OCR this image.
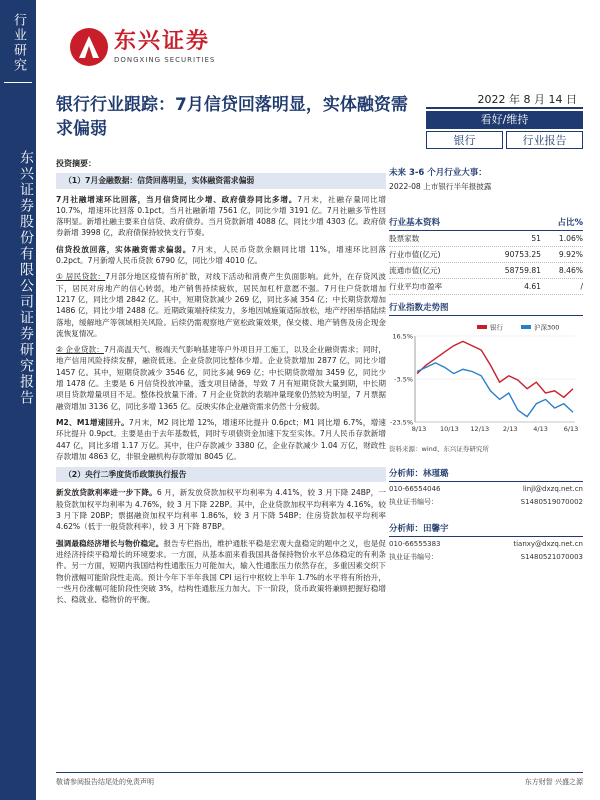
行业研究
东兴证券股份有限公司证券研究报告
东兴证券
DONGXING SECURITIES
银行行业跟踪：7月信贷回落明显，实体融资需求偏弱
2022 年 8 月 14 日
看好/维持
银行	行业报告
投资摘要：
（1）7月金融数据：信贷回落明显，实体融资需求偏弱

7月社融增速环比回落，当月信贷同比少增、政府债券同比多增。7月末，社融存量同比增 10.7%，增速环比回落 0.1pct。当月社融新增 7561 亿，同比少增 3191 亿。7月社融多节性回落明显。新增社融主要来自信贷、政府债券。当月贷款新增 4088 亿，同比少增 4303 亿。政府债券新增 3998 亿，政府债保持较快支行节奏。

信贷投放回落，实体融资需求偏弱。7月末，人民币贷款余额同比增 11%，增速环比回落 0.2pct。7月新增人民币贷款 6790 亿，同比少增 4010 亿。

① 居民贷款：7月部分地区疫情有所扩散，对线下活动和消费产生负面影响。此外，在存贷风波下，居民对房地产的信心转弱，地产销售持续疲软，居民加杠杆意愿不强。7月住户贷款增加 1217 亿，同比少增 2842 亿。其中，短期贷款减少 269 亿，同比多减 354 亿；中长期贷款增加 1486 亿，同比少增 2488 亿。近期政策端持续发力，多地因城施策适际放松，地产纾困举措陆续落地，缓解地产等领域相关风险。后续仍需观察地产宽松政策效果，保交楼、地产销售及房企现金流恢复情况。

② 企业贷款：7月高温天气、极端天气影响基建等户外项目开工施工，以及企业融资需求；同时，地产信用风险持续发酵，融资低迷。企业贷款同比整体少增。企业贷款增加 2877 亿，同比少增 1457 亿。其中，短期贷款减少 3546 亿，同比多减 969 亿；中长期贷款增加 3459 亿，同比少增 1478 亿。主要是 6 月信贷投放冲量，透支项目储备，导致 7 月有短期贷款大量到期，中长期项目贷款增量项目不足。整体投放量下滑。7 月企业贷款的表端冲量现象仍然较为明显，7 月票据融资增加 3136 亿，同比多增 1365 亿。反映实体企业融资需求仍然十分疲弱。

M2、M1增速回升。7月末，M2 同比增 12%，增速环比提升 0.6pct；M1 同比增 6.7%，增速环比提升 0.9pct。主要是由于去年基数低，同时专项债资金加速下发至实体。7月人民币存款新增 447 亿，同比多增 1.17 万亿。其中，住户存款减少 3380 亿，企业存款减少 1.04 万亿，财政性存款增加 4863 亿，非银金融机构存款增加 8045 亿。

（2）央行二季度货币政策执行报告

新发放贷款利率进一步下降。6 月，新发放贷款加权平均利率为 4.41%，较 3 月下降 24BP，一般贷款加权平均利率为 4.76%，较 3 月下降 22BP。其中，企业贷款加权平均利率为 4.16%，较 3 月下降 20BP；票据融资加权平均利率 1.86%，较 3 月下降 54BP；住房贷款加权平均利率 4.62%（低于一般贷款利率），较 3 月下降 87BP。

强调最稳经济增长与物价稳定。报告专栏指出，维护通胀平稳是宏观大盘稳定的题中之义，也是促进经济持续平稳增长的环境要求。一方面，从基本面来看我国具备保持物价水平总体稳定的有利条件。另一方面，短期内我国结构性通胀压力可能加大，输入性通胀压力依然存在，多重因素交织下物价涨幅可能阶段性走高。预计今年下半年我国 CPI 运行中枢较上半年 1.7%的水平将有所抬升，一些月份涨幅可能阶段性突破 3%，结构性通胀压力加大。下一阶段，货币政策将兼顾把握好稳增长、稳就业、稳物价的平衡。

未来 3-6 个月行业大事：
2022-08 上市银行半年报披露
行业基本资料	占比%
股票家数	51	1.06%
行业市值(亿元)	90753.25	9.92%
流通市值(亿元)	58759.81	8.46%
行业平均市盈率	4.61	/
行业指数走势图
16.5%
-3.5%
-23.5%
8/13 10/13 12/13 2/13 4/13 6/13
银行	沪深300
资料来源：wind、东兴证券研究所
分析师：林瑾璐
010-66554046	linjl@dxzq.net.cn
执业证书编号：	S1480519070002
分析师：田馨宇
010-66555383	tianxy@dxzq.net.cn
执业证书编号：	S1480521070003
敬请参阅报告结尾处的免责声明	东方财智 兴盛之源
